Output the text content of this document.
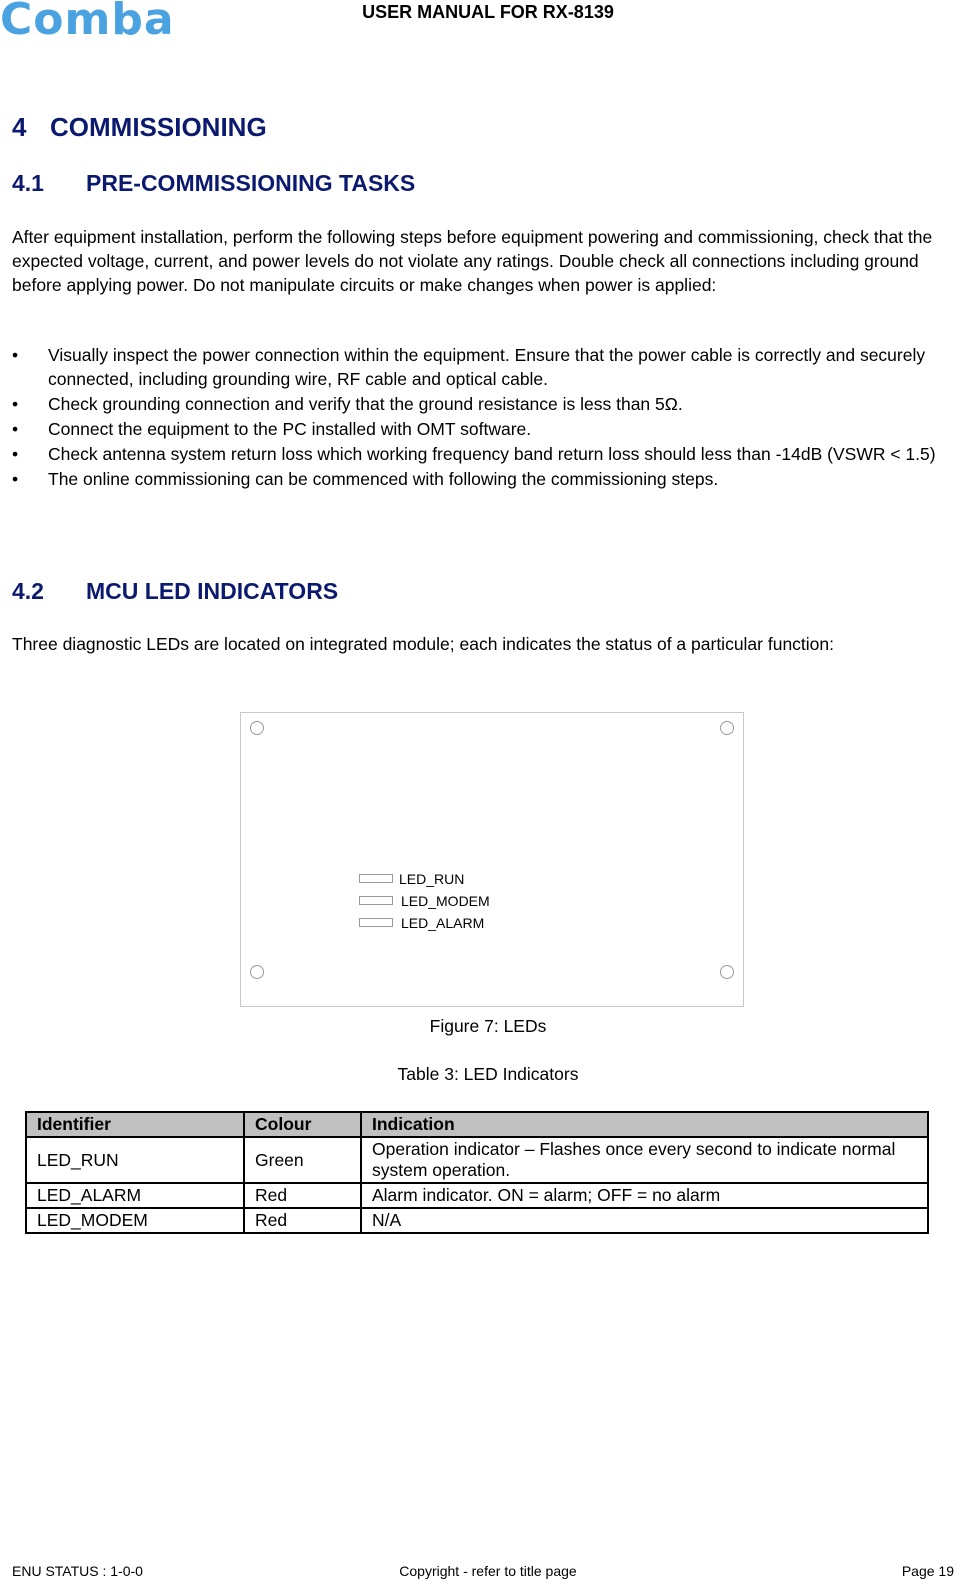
Comba	USER MANUAL FOR RX-8139
4 COMMISSIONING
4.1 PRE-COMMISSIONING TASKS
After equipment installation, perform the following steps before equipment powering and commissioning, check that the expected voltage, current, and power levels do not violate any ratings. Double check all connections including ground before applying power. Do not manipulate circuits or make changes when power is applied:
• Visually inspect the power connection within the equipment. Ensure that the power cable is correctly and securely connected, including grounding wire, RF cable and optical cable.
• Check grounding connection and verify that the ground resistance is less than 5Ω.
• Connect the equipment to the PC installed with OMT software.
• Check antenna system return loss which working frequency band return loss should less than -14dB (VSWR < 1.5)
• The online commissioning can be commenced with following the commissioning steps.
4.2 MCU LED INDICATORS
Three diagnostic LEDs are located on integrated module; each indicates the status of a particular function:
LED_RUN
LED_MODEM
LED_ALARM
Figure 7: LEDs
Table 3: LED Indicators
Identifier	Colour	Indication
LED_RUN	Green	Operation indicator – Flashes once every second to indicate normal system operation.
LED_ALARM	Red	Alarm indicator. ON = alarm; OFF = no alarm
LED_MODEM	Red	N/A
ENU STATUS : 1-0-0	Copyright - refer to title page	Page 19
